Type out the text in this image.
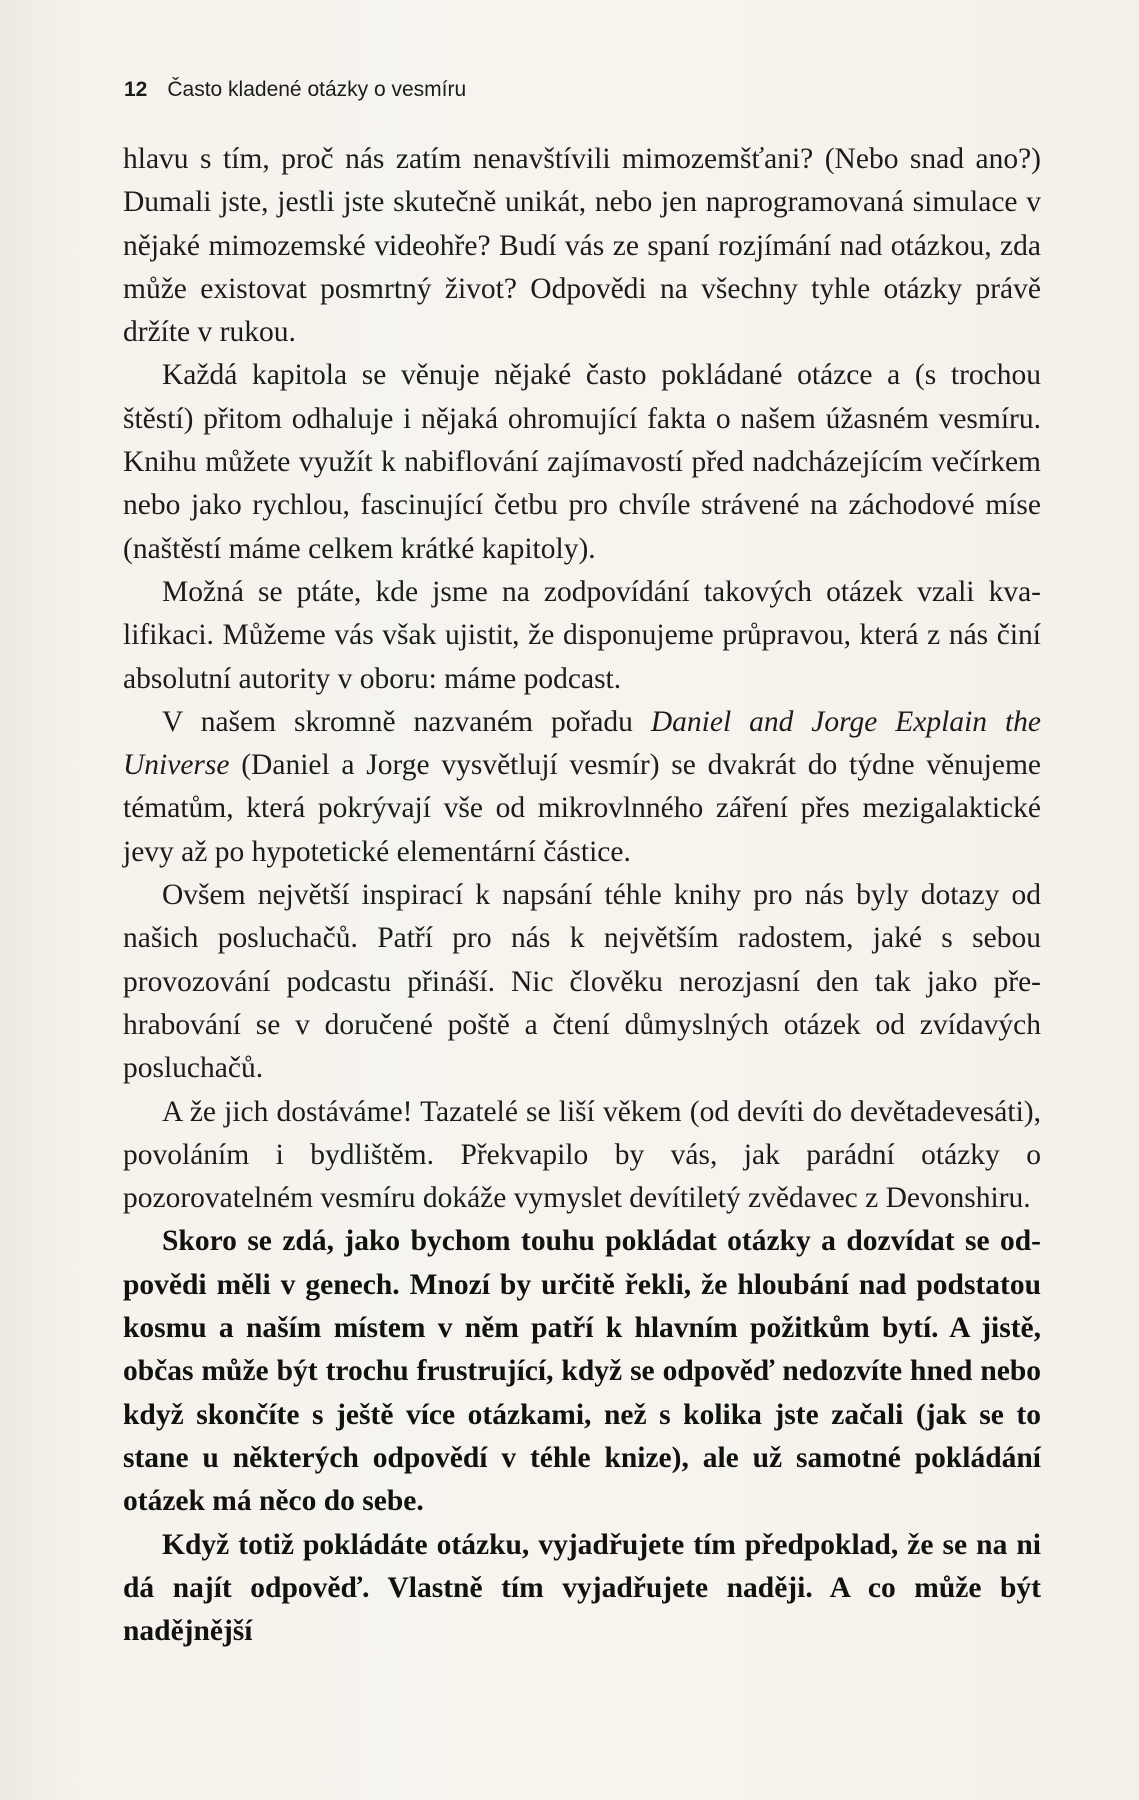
12 Často kladené otázky o vesmíru

hlavu s tím, proč nás zatím nenavštívili mimozemšťani? (Nebo snad ano?) Dumali jste, jestli jste skutečně unikát, nebo jen naprogramovaná simulace v nějaké mimozemské videohře? Budí vás ze spaní rozjímání nad otázkou, zda může existovat posmrtný život? Odpovědi na všechny tyhle otázky právě držíte v rukou.

Každá kapitola se věnuje nějaké často pokládané otázce a (s trochou štěstí) přitom odhaluje i nějaká ohromující fakta o našem úžasném vesmíru. Knihu můžete využít k nabiflování zajímavostí před nadcházejícím večírkem nebo jako rychlou, fascinující četbu pro chvíle strávené na záchodové míse (naštěstí máme celkem krátké kapitoly).

Možná se ptáte, kde jsme na zodpovídání takových otázek vzali kvalifikaci. Můžeme vás však ujistit, že disponujeme průpravou, která z nás činí absolutní autority v oboru: máme podcast.

V našem skromně nazvaném pořadu Daniel and Jorge Explain the Universe (Daniel a Jorge vysvětlují vesmír) se dvakrát do týdne věnujeme tématům, která pokrývají vše od mikrovlnného záření přes mezigalaktické jevy až po hypotetické elementární částice.

Ovšem největší inspirací k napsání téhle knihy pro nás byly dotazy od našich posluchačů. Patří pro nás k největším radostem, jaké s sebou provozování podcastu přináší. Nic člověku nerozjasní den tak jako přehrabování se v doručené poště a čtení důmyslných otázek od zvídavých posluchačů.

A že jich dostáváme! Tazatelé se liší věkem (od devíti do devětadevesáti), povoláním i bydlištěm. Překvapilo by vás, jak parádní otázky o pozorovatelném vesmíru dokáže vymyslet devítiletý zvědavec z Devonshiru.

Skoro se zdá, jako bychom touhu pokládat otázky a dozvídat se odpovědi měli v genech. Mnozí by určitě řekli, že hloubání nad podstatou kosmu a naším místem v něm patří k hlavním požitkům bytí. A jistě, občas může být trochu frustrující, když se odpověď nedozvíte hned nebo když skončíte s ještě více otázkami, než s kolika jste začali (jak se to stane u některých odpovědí v téhle knize), ale už samotné pokládání otázek má něco do sebe.

Když totiž pokládáte otázku, vyjadřujete tím předpoklad, že se na ni dá najít odpověď. Vlastně tím vyjadřujete naději. A co může být nadějnější
